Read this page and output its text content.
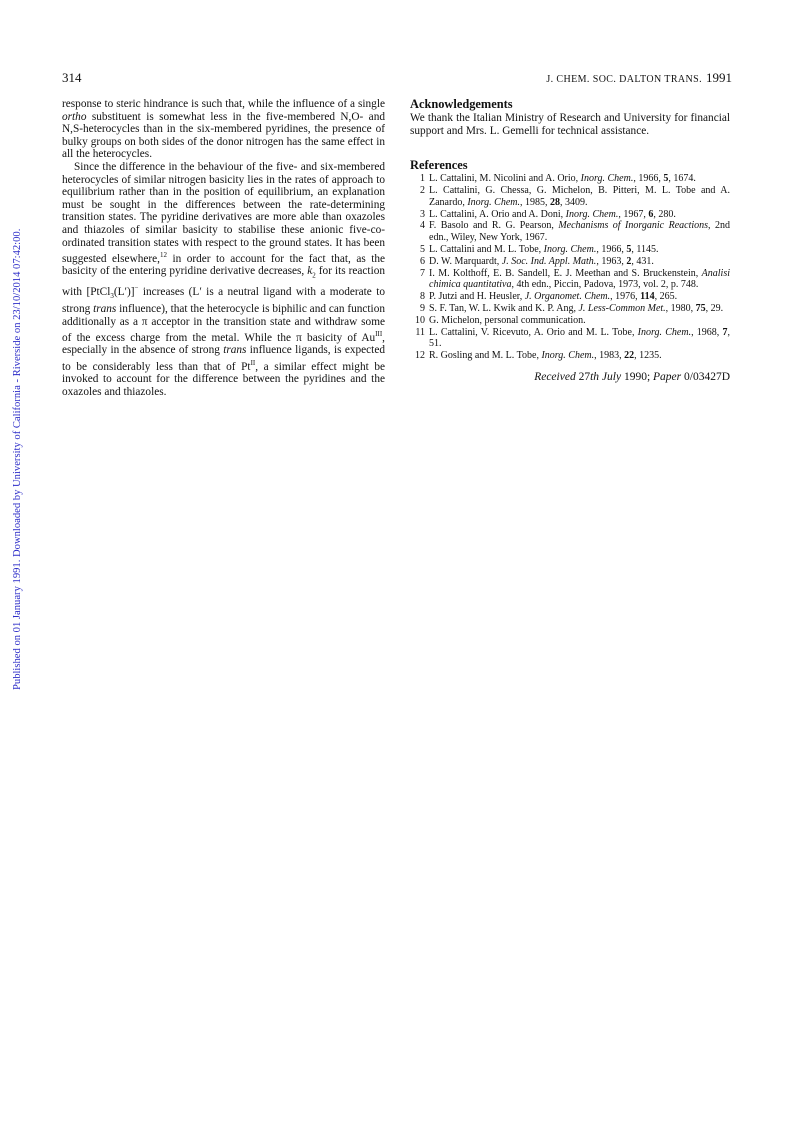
Published on 01 January 1991. Downloaded by University of California - Riverside on 23/10/2014 07:42:00.
314	J. CHEM. SOC. DALTON TRANS. 1991

response to steric hindrance is such that, while the influence of a single ortho substituent is somewhat less in the five-membered N,O- and N,S-heterocycles than in the six-membered pyridines, the presence of bulky groups on both sides of the donor nitrogen has the same effect in all the heterocycles.

Since the difference in the behaviour of the five- and six-membered heterocycles of similar nitrogen basicity lies in the rates of approach to equilibrium rather than in the position of equilibrium, an explanation must be sought in the differences between the rate-determining transition states. The pyridine derivatives are more able than oxazoles and thiazoles of similar basicity to stabilise these anionic five-co-ordinated transition states with respect to the ground states. It has been suggested elsewhere,$^{12}$ in order to account for the fact that, as the basicity of the entering pyridine derivative decreases, $k_2$ for its reaction with [PtCl$_3$(L′)]− increases (L′ is a neutral ligand with a moderate to strong trans influence), that the heterocycle is biphilic and can function additionally as a π acceptor in the transition state and withdraw some of the excess charge from the metal. While the π basicity of $Au^{III}$, especially in the absence of strong trans influence ligands, is expected to be considerably less than that of $Pt^{II}$, a similar effect might be invoked to account for the difference between the pyridines and the oxazoles and thiazoles.

Acknowledgements

We thank the Italian Ministry of Research and University for financial support and Mrs. L. Gemelli for technical assistance.

References
1 L. Cattalini, M. Nicolini and A. Orio, Inorg. Chem., 1966, 5, 1674.
2 L. Cattalini, G. Chessa, G. Michelon, B. Pitteri, M. L. Tobe and A. Zanardo, Inorg. Chem., 1985, 28, 3409.
3 L. Cattalini, A. Orio and A. Doni, Inorg. Chem., 1967, 6, 280.
4 F. Basolo and R. G. Pearson, Mechanisms of Inorganic Reactions, 2nd edn., Wiley, New York, 1967.
5 L. Cattalini and M. L. Tobe, Inorg. Chem., 1966, 5, 1145.
6 D. W. Marquardt, J. Soc. Ind. Appl. Math., 1963, 2, 431.
7 I. M. Kolthoff, E. B. Sandell, E. J. Meethan and S. Bruckenstein, Analisi chimica quantitativa, 4th edn., Piccin, Padova, 1973, vol. 2, p. 748.
8 P. Jutzi and H. Heusler, J. Organomet. Chem., 1976, 114, 265.
9 S. F. Tan, W. L. Kwik and K. P. Ang, J. Less-Common Met., 1980, 75, 29.
10 G. Michelon, personal communication.
11 L. Cattalini, V. Ricevuto, A. Orio and M. L. Tobe, Inorg. Chem., 1968, 7, 51.
12 R. Gosling and M. L. Tobe, Inorg. Chem., 1983, 22, 1235.
Received 27th July 1990; Paper 0/03427D
